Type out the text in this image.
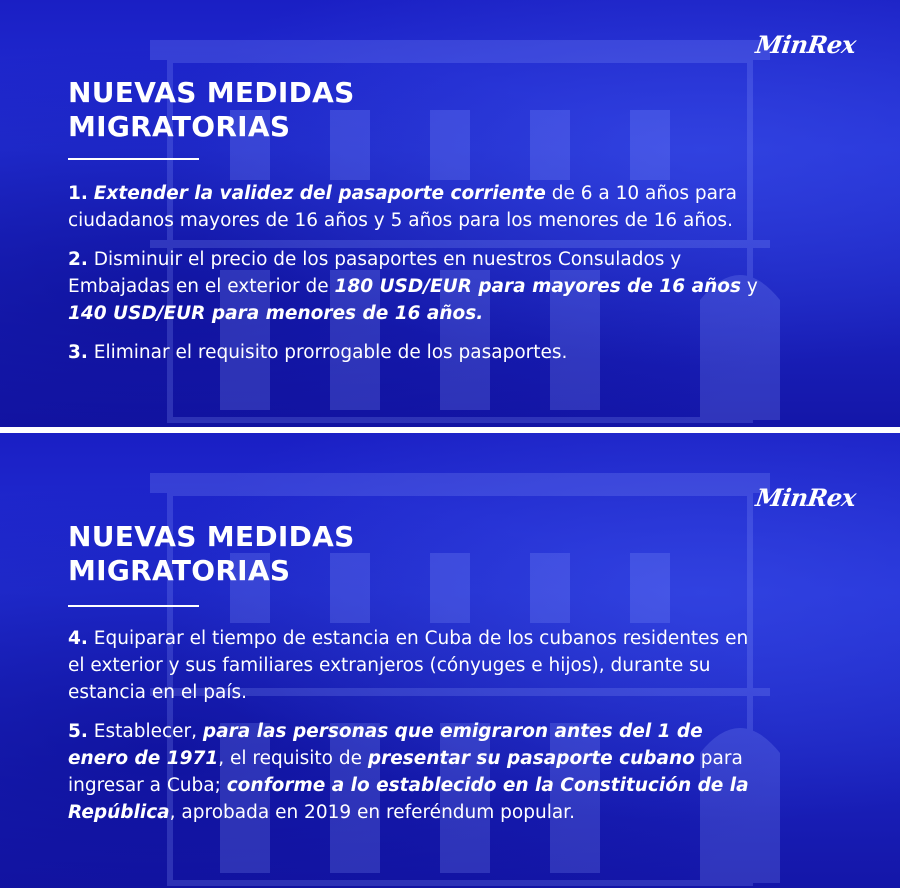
MinRex
NUEVAS MEDIDAS
MIGRATORIAS
1. Extender la validez del pasaporte corriente de 6 a 10 años para ciudadanos mayores de 16 años y 5 años para los menores de 16 años.
2. Disminuir el precio de los pasaportes en nuestros Consulados y Embajadas en el exterior de 180 USD/EUR para mayores de 16 años y 140 USD/EUR para menores de 16 años.
3. Eliminar el requisito prorrogable de los pasaportes.
MinRex
NUEVAS MEDIDAS
MIGRATORIAS
4. Equiparar el tiempo de estancia en Cuba de los cubanos residentes en el exterior y sus familiares extranjeros (cónyuges e hijos), durante su estancia en el país.
5. Establecer, para las personas que emigraron antes del 1 de enero de 1971, el requisito de presentar su pasaporte cubano para ingresar a Cuba; conforme a lo establecido en la Constitución de la República, aprobada en 2019 en referéndum popular.
